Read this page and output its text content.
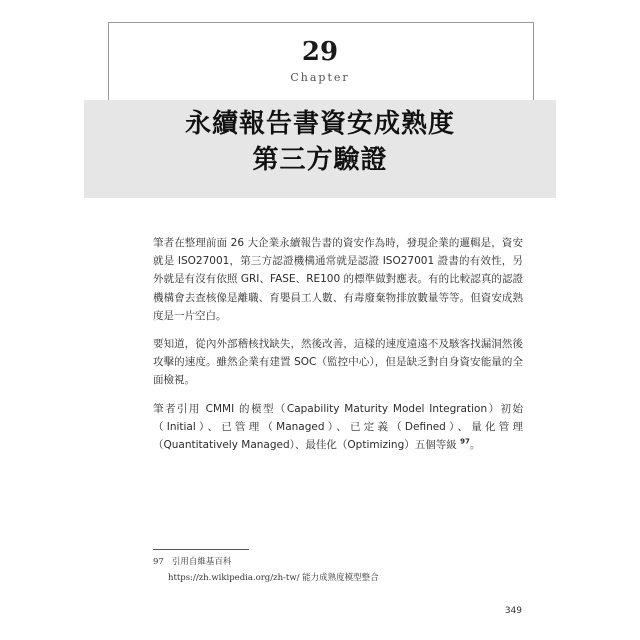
29
Chapter
永續報告書資安成熟度
第三方驗證

筆者在整理前面 26 大企業永續報告書的資安作為時，發現企業的邏輯是，資安就是 ISO27001，第三方認證機構通常就是認證 ISO27001 證書的有效性，另外就是有沒有依照 GRI、FASE、RE100 的標準做對應表。有的比較認真的認證機構會去查核像是離職、育嬰員工人數、有毒廢棄物排放數量等等。但資安成熟度是一片空白。

要知道，從內外部稽核找缺失，然後改善，這樣的速度遠遠不及駭客找漏洞然後攻擊的速度。雖然企業有建置 SOC（監控中心），但是缺乏對自身資安能量的全面檢視。

筆者引用 CMMI 的模型（Capability Maturity Model Integration）初始（Initial）、已管理（Managed）、已定義（Defined）、量化管理（Quantitatively Managed）、最佳化（Optimizing）五個等級 $^{97}$。

97 引用自維基百科
https://zh.wikipedia.org/zh-tw/ 能力成熟度模型整合
349
